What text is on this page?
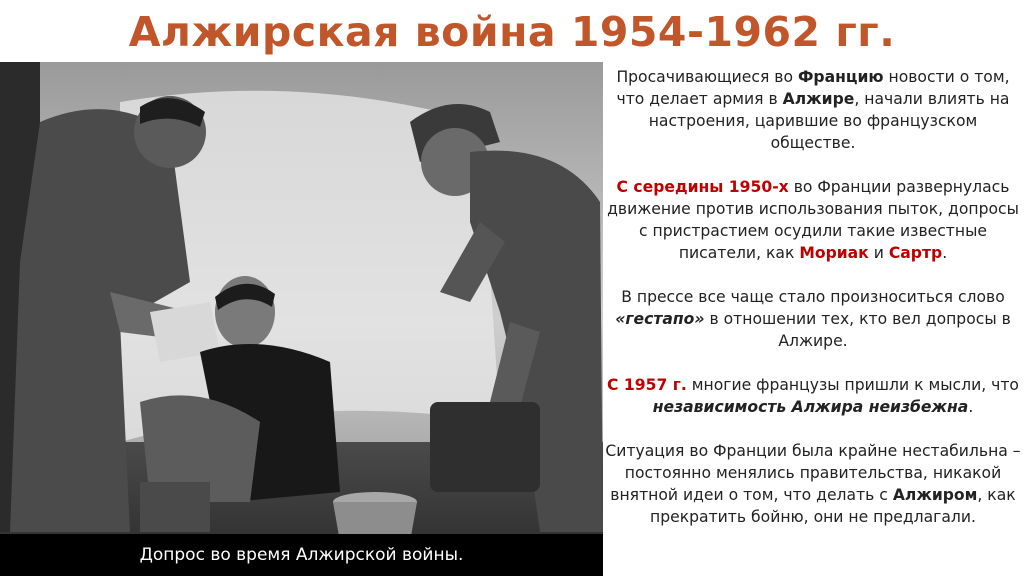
Алжирская война 1954-1962 гг.
Допрос во время Алжирской войны.

Просачивающиеся во Францию новости о том, что делает армия в Алжире, начали влиять на настроения, царившие во французском обществе.

С середины 1950-х во Франции развернулась движение против использования пыток, допросы с пристрастием осудили такие известные писатели, как Мориак и Сартр.

В прессе все чаще стало произноситься слово «гестапо» в отношении тех, кто вел допросы в Алжире.

С 1957 г. многие французы пришли к мысли, что независимость Алжира неизбежна.

Ситуация во Франции была крайне нестабильна – постоянно менялись правительства, никакой внятной идеи о том, что делать с Алжиром, как прекратить бойню, они не предлагали.
